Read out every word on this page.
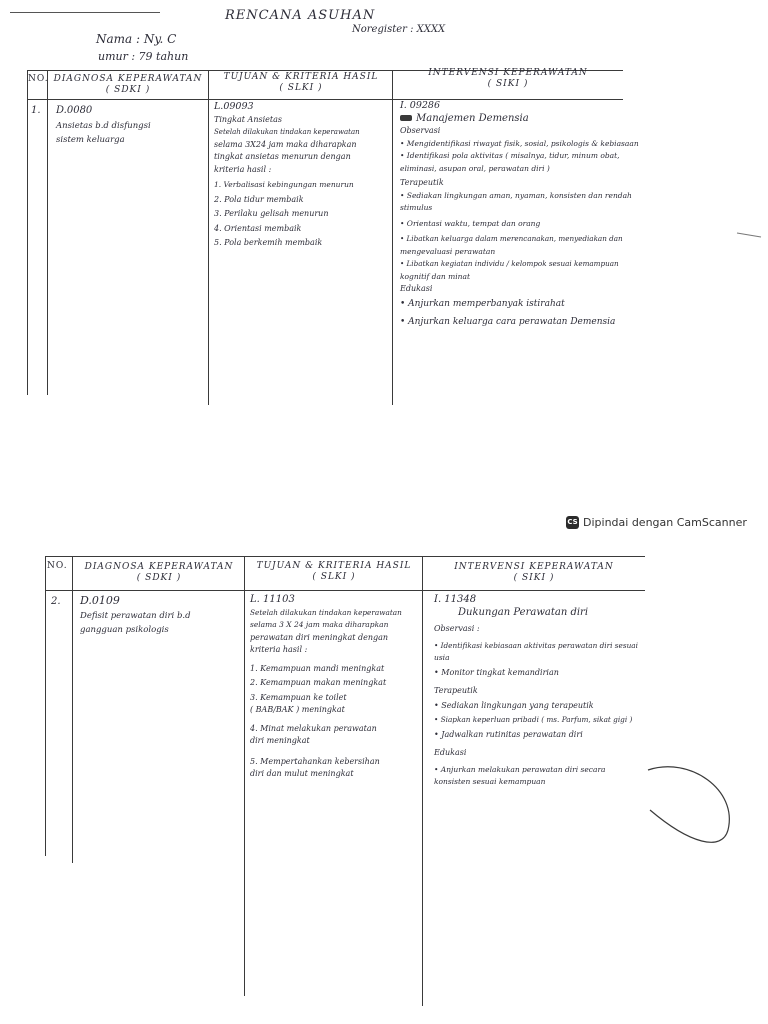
RENCANA ASUHAN
Nama : Ny. C
umur : 79 tahun
Noregister : XXXX
NO. DIAGNOSA KEPERAWATAN
( SDKI )
TUJUAN & KRITERIA HASIL
( SLKI )
INTERVENSI KEPERAWATAN
( SIKI )
1. D.0080

Ansietas b.d disfungsi

sistem keluarga

L.09093

Tingkat Ansietas

Setelah dilakukan tindakan keperawatan

selama 3X24 jam maka diharapkan

tingkat ansietas menurun dengan

kriteria hasil :

1. Verbalisasi kebingungan menurun

2. Pola tidur membaik

3. Perilaku gelisah menurun

4. Orientasi membaik

5. Pola berkemih membaik

I. 09286

Manajemen Demensia

Observasi

• Mengidentifikasi riwayat fisik, sosial, psikologis & kebiasaan

• Identifikasi pola aktivitas ( misalnya, tidur, minum obat,

eliminasi, asupan oral, perawatan diri )

Terapeutik

• Sediakan lingkungan aman, nyaman, konsisten dan rendah

stimulus

• Orientasi waktu, tempat dan orang

• Libatkan keluarga dalam merencanakan, menyediakan dan

mengevaluasi perawatan

• Libatkan kegiatan individu / kelompok sesuai kemampuan

kognitif dan minat

Edukasi

• Anjurkan memperbanyak istirahat

• Anjurkan keluarga cara perawatan Demensia

CS Dipindai dengan CamScanner
NO.	DIAGNOSA KEPERAWATAN
( SDKI )
TUJUAN & KRITERIA HASIL
( SLKI )
INTERVENSI KEPERAWATAN
( SIKI )
2. D.0109

Defisit perawatan diri b.d

gangguan psikologis

L. 11103

Setelah dilakukan tindakan keperawatan

selama 3 X 24 jam maka diharapkan

perawatan diri meningkat dengan

kriteria hasil :

1. Kemampuan mandi meningkat

2. Kemampuan makan meningkat

3. Kemampuan ke toilet

( BAB/BAK ) meningkat

4. Minat melakukan perawatan

diri meningkat

5. Mempertahankan kebersihan

diri dan mulut meningkat

I. 11348

Dukungan Perawatan diri

Observasi :

• Identifikasi kebiasaan aktivitas perawatan diri sesuai

usia

• Monitor tingkat kemandirian

Terapeutik

• Sediakan lingkungan yang terapeutik

• Siapkan keperluan pribadi ( ms. Parfum, sikat gigi )

• Jadwalkan rutinitas perawatan diri

Edukasi

• Anjurkan melakukan perawatan diri secara

konsisten sesuai kemampuan
